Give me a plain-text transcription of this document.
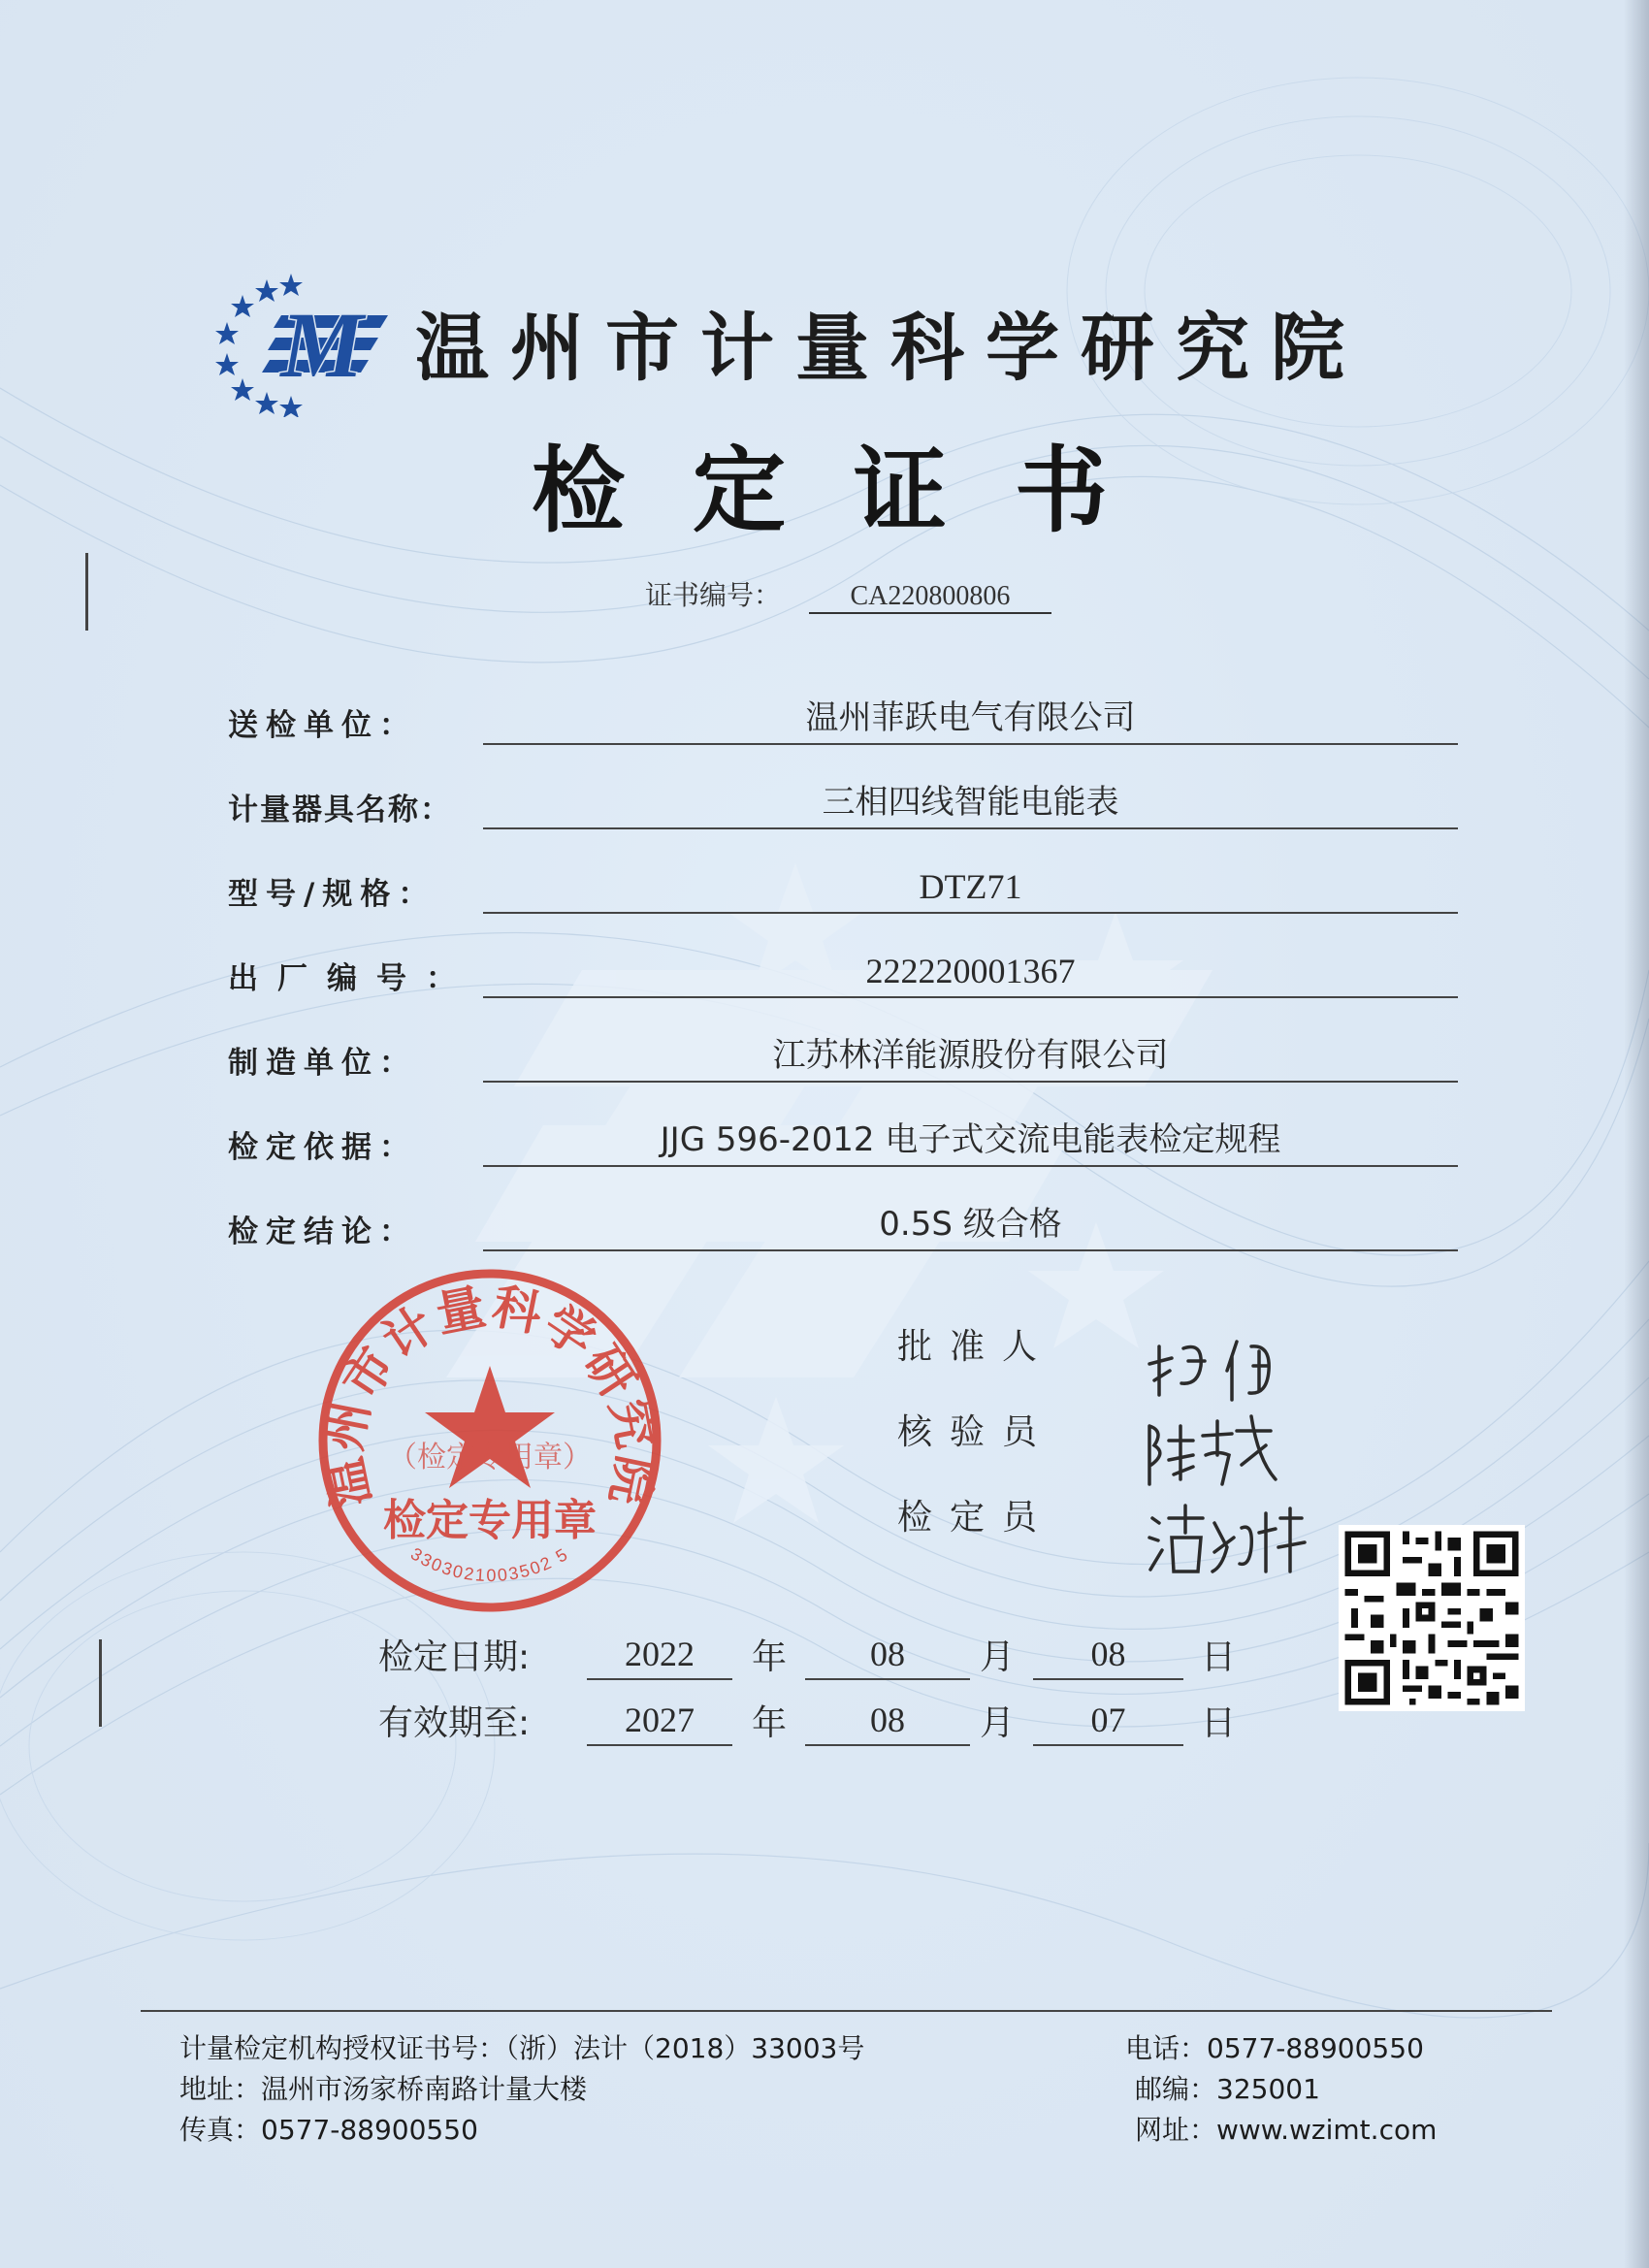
M 温州市计量科学研究院
检定证书
证书编号：	CA220800806
送检单位：	温州菲跃电气有限公司
计量器具名称：	三相四线智能电能表
型号/规格：	DTZ71
出厂编号：	222220001367
制造单位：	江苏林洋能源股份有限公司
检定依据：	JJG 596-2012 电子式交流电能表检定规程
检定结论：	0.5S 级合格
温州市计量科学研究院
（检定专用章）
检定专用章
3303021003502 5
批准人
核验员
检定员
检定日期:	2022	年	08	月	08	日
有效期至:	2027	年	08	月	07	日
计量检定机构授权证书号：（浙）法计（2018）33003号
地址：温州市汤家桥南路计量大楼
传真：0577-88900550
电话：0577-88900550
邮编：325001
网址：www.wzimt.com
